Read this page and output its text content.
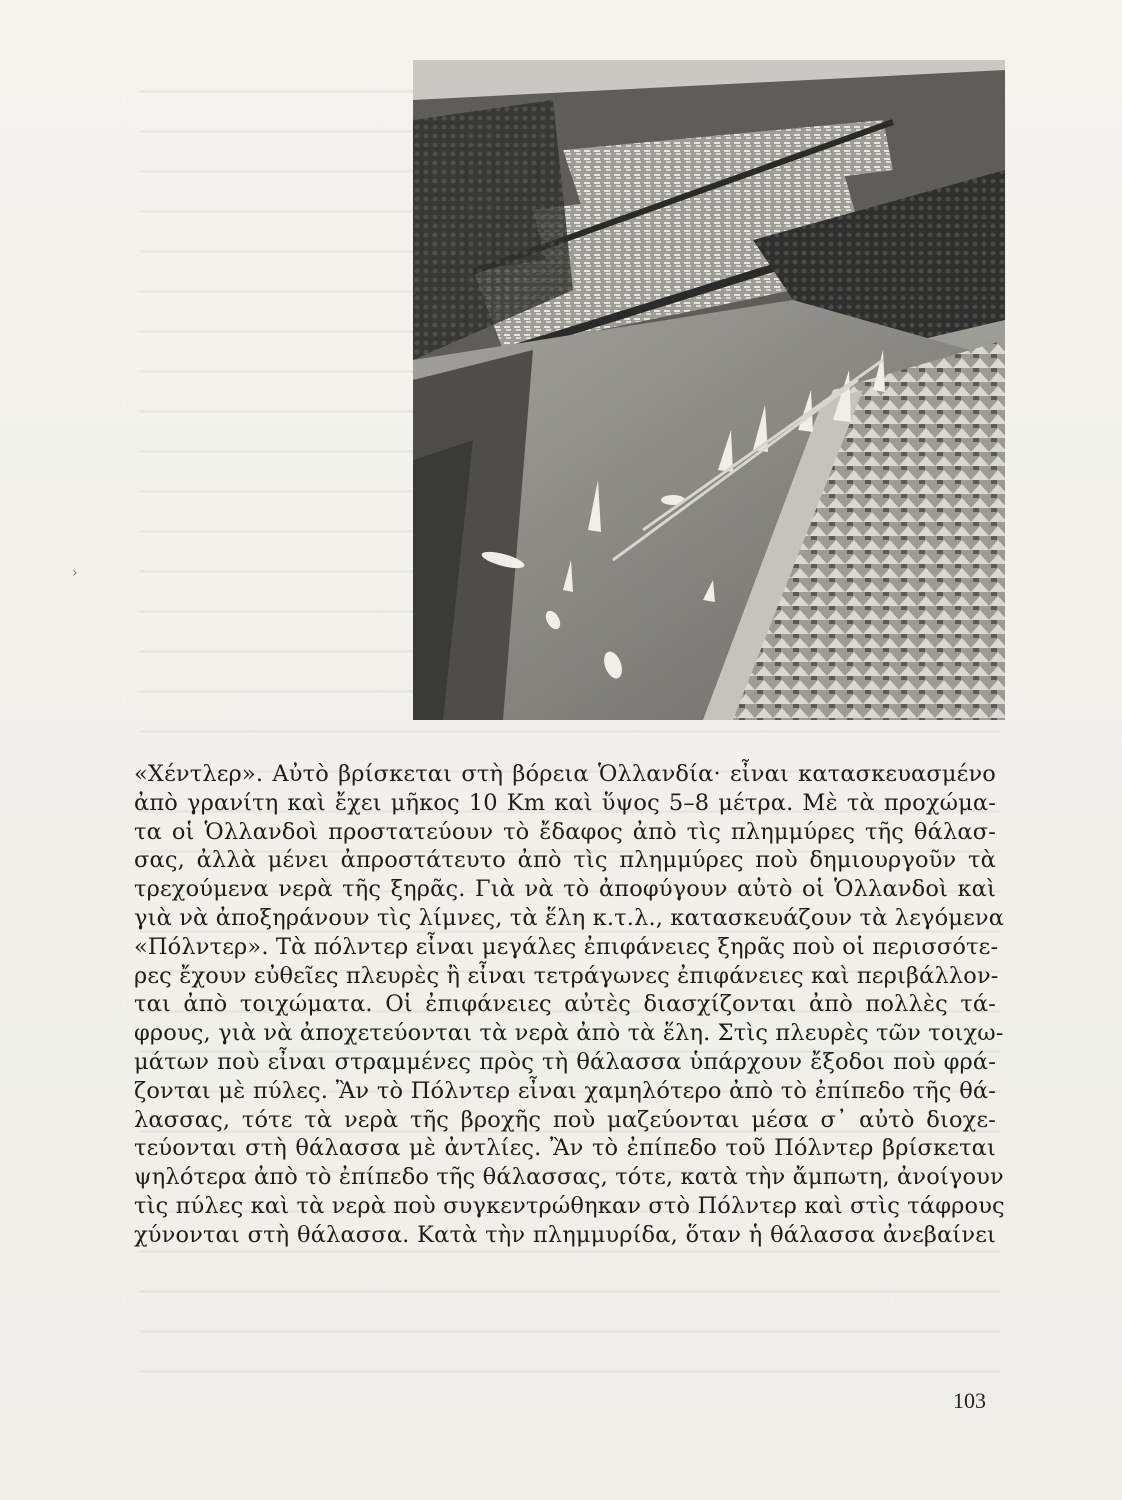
›
«Χέντλερ». Αὐτὸ βρίσκεται στὴ βόρεια Ὁλλανδία· εἶναι κατασκευασμένο
ἀπὸ γρανίτη καὶ ἔχει μῆκος 10 Km καὶ ὕψος 5–8 μέτρα. Μὲ τὰ προχώμα-
τα οἱ Ὁλλανδοὶ προστατεύουν τὸ ἔδαφος ἀπὸ τὶς πλημμύρες τῆς θάλασ-
σας, ἀλλὰ μένει ἀπροστάτευτο ἀπὸ τὶς πλημμύρες ποὺ δημιουργοῦν τὰ
τρεχούμενα νερὰ τῆς ξηρᾶς. Γιὰ νὰ τὸ ἀποφύγουν αὐτὸ οἱ Ὁλλανδοὶ καὶ
γιὰ νὰ ἀποξηράνουν τὶς λίμνες, τὰ ἕλη κ.τ.λ., κατασκευάζουν τὰ λεγόμενα
«Πόλντερ». Τὰ πόλντερ εἶναι μεγάλες ἐπιφάνειες ξηρᾶς ποὺ οἱ περισσότε-
ρες ἔχουν εὐθεῖες πλευρὲς ἢ εἶναι τετράγωνες ἐπιφάνειες καὶ περιβάλλον-
ται ἀπὸ τοιχώματα. Οἱ ἐπιφάνειες αὐτὲς διασχίζονται ἀπὸ πολλὲς τά-
φρους, γιὰ νὰ ἀποχετεύονται τὰ νερὰ ἀπὸ τὰ ἕλη. Στὶς πλευρὲς τῶν τοιχω-
μάτων ποὺ εἶναι στραμμένες πρὸς τὴ θάλασσα ὑπάρχουν ἔξοδοι ποὺ φρά-
ζονται μὲ πύλες. Ἂν τὸ Πόλντερ εἶναι χαμηλότερο ἀπὸ τὸ ἐπίπεδο τῆς θά-
λασσας, τότε τὰ νερὰ τῆς βροχῆς ποὺ μαζεύονται μέσα σ᾽ αὐτὸ διοχε-
τεύονται στὴ θάλασσα μὲ ἀντλίες. Ἂν τὸ ἐπίπεδο τοῦ Πόλντερ βρίσκεται
ψηλότερα ἀπὸ τὸ ἐπίπεδο τῆς θάλασσας, τότε, κατὰ τὴν ἄμπωτη, ἀνοίγουν
τὶς πύλες καὶ τὰ νερὰ ποὺ συγκεντρώθηκαν στὸ Πόλντερ καὶ στὶς τάφρους
χύνονται στὴ θάλασσα. Κατὰ τὴν πλημμυρίδα, ὅταν ἡ θάλασσα ἀνεβαίνει
103
